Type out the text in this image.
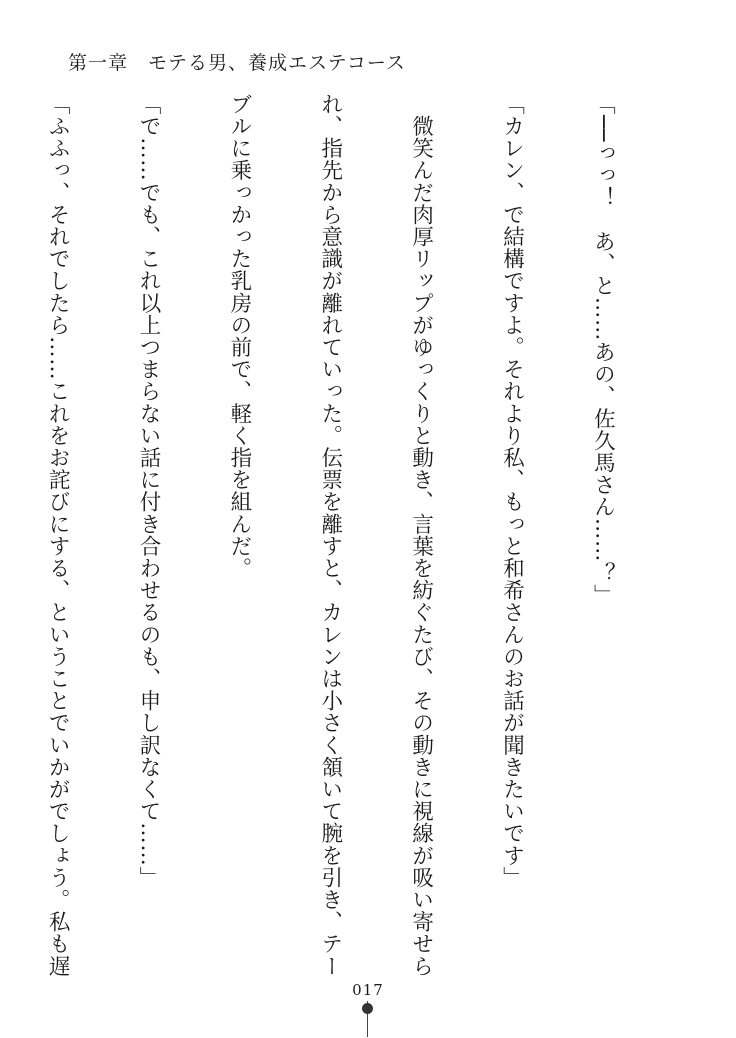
第一章　モテる男、養成エステコース

「──っっ！　あ、と……あの、佐久馬さん……？」

「カレン、で結構ですよ。それより私、もっと和希さんのお話が聞きたいです」

　微笑んだ肉厚リップがゆっくりと動き、言葉を紡ぐたび、その動きに視線が吸い寄せら

れ、指先から意識が離れていった。伝票を離すと、カレンは小さく頷いて腕を引き、テー

ブルに乗っかった乳房の前で、軽く指を組んだ。

「で……でも、これ以上つまらない話に付き合わせるのも、申し訳なくて……」

「ふふっ、それでしたら……これをお詫びにする、ということでいかがでしょう。私も遅

017
